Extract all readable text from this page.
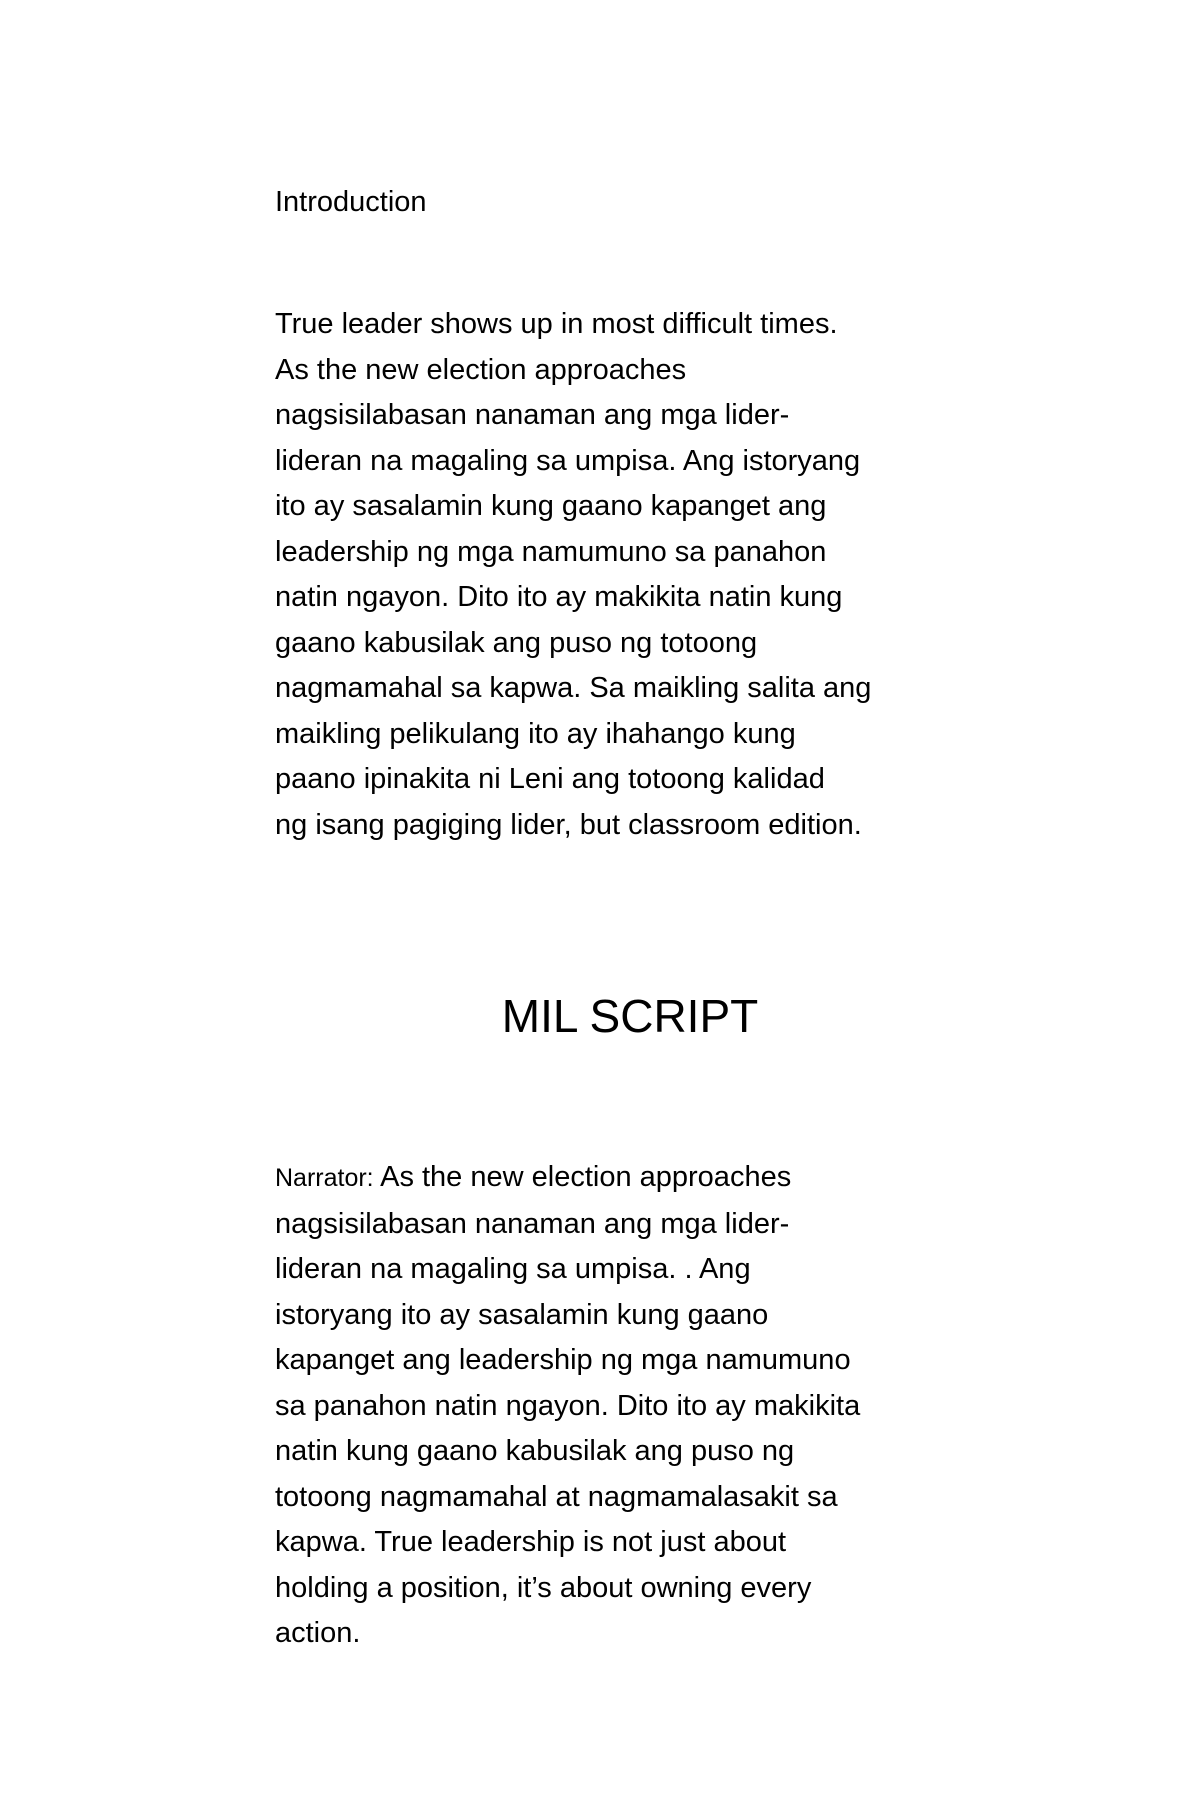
Introduction
True leader shows up in most difficult times.
As the new election approaches
nagsisilabasan nanaman ang mga lider-
lideran na magaling sa umpisa. Ang istoryang
ito ay sasalamin kung gaano kapanget ang
leadership ng mga namumuno sa panahon
natin ngayon. Dito ito ay makikita natin kung
gaano kabusilak ang puso ng totoong
nagmamahal sa kapwa. Sa maikling salita ang
maikling pelikulang ito ay ihahango kung
paano ipinakita ni Leni ang totoong kalidad
ng isang pagiging lider, but classroom edition.
MIL SCRIPT
Narrator: As the new election approaches
nagsisilabasan nanaman ang mga lider-
lideran na magaling sa umpisa. . Ang
istoryang ito ay sasalamin kung gaano
kapanget ang leadership ng mga namumuno
sa panahon natin ngayon. Dito ito ay makikita
natin kung gaano kabusilak ang puso ng
totoong nagmamahal at nagmamalasakit sa
kapwa. True leadership is not just about
holding a position, it’s about owning every
action.
